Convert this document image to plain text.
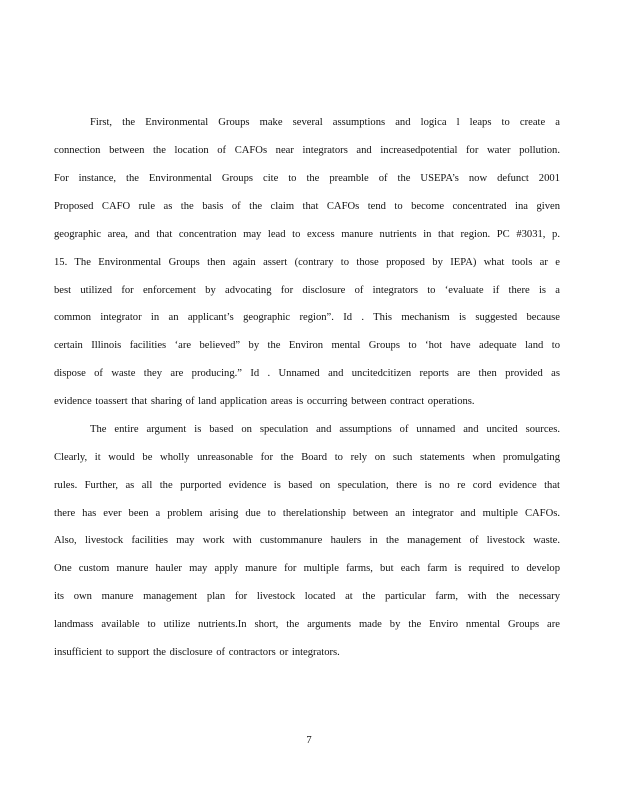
First, the Environmental Groups make several assumptions and logica l leaps to create a
connection between the location of CAFOs near integrators and increasedpotential for water pollution.
For instance, the Environmental Groups cite to the preamble of the USEPA’s now defunct 2001
Proposed CAFO rule as the basis of the claim that CAFOs tend to become concentrated ina given
geographic area, and that concentration may lead to excess manure nutrients in that region. PC #3031, p.
15. The Environmental Groups then again assert (contrary to those proposed by IEPA) what tools ar e
best utilized for enforcement by advocating for disclosure of integrators to ‘evaluate if there is a
common integrator in an applicant’s geographic region”. Id . This mechanism is suggested because
certain Illinois facilities ‘are believed” by the Environ mental Groups to ‘hot have adequate land to
dispose of waste they are producing.” Id . Unnamed and uncitedcitizen reports are then provided as
evidence toassert that sharing of land application areas is occurring between contract operations.
The entire argument is based on speculation and assumptions of unnamed and uncited sources.
Clearly, it would be wholly unreasonable for the Board to rely on such statements when promulgating
rules. Further, as all the purported evidence is based on speculation, there is no re cord evidence that
there has ever been a problem arising due to therelationship between an integrator and multiple CAFOs.
Also, livestock facilities may work with custommanure haulers in the management of livestock waste.
One custom manure hauler may apply manure for multiple farms, but each farm is required to develop
its own manure management plan for livestock located at the particular farm, with the necessary
landmass available to utilize nutrients.In short, the arguments made by the Enviro nmental Groups are
insufficient to support the disclosure of contractors or integrators.
7
